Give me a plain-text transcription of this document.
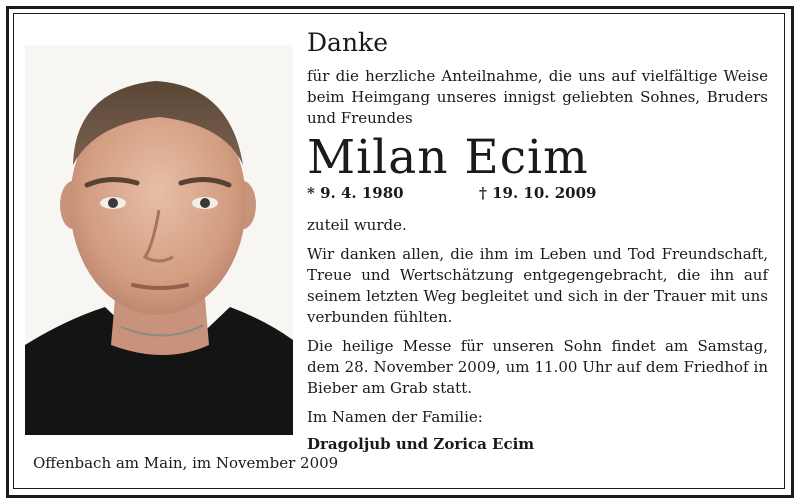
Danke

für die herzliche Anteilnahme, die uns auf vielfältige Weise beim Heimgang unseres innigst geliebten Sohnes, Bruders und Freundes

Milan Ecim
* 9. 4. 1980	† 19. 10. 2009

zuteil wurde.

Wir danken allen, die ihm im Leben und Tod Freundschaft, Treue und Wertschätzung entgegengebracht, die ihn auf seinem letzten Weg begleitet und sich in der Trauer mit uns verbunden fühlten.

Die heilige Messe für unseren Sohn findet am Samstag, dem 28. November 2009, um 11.00 Uhr auf dem Friedhof in Bieber am Grab statt.

Im Namen der Familie:
Dragoljub und Zorica Ecim
Offenbach am Main, im November 2009
